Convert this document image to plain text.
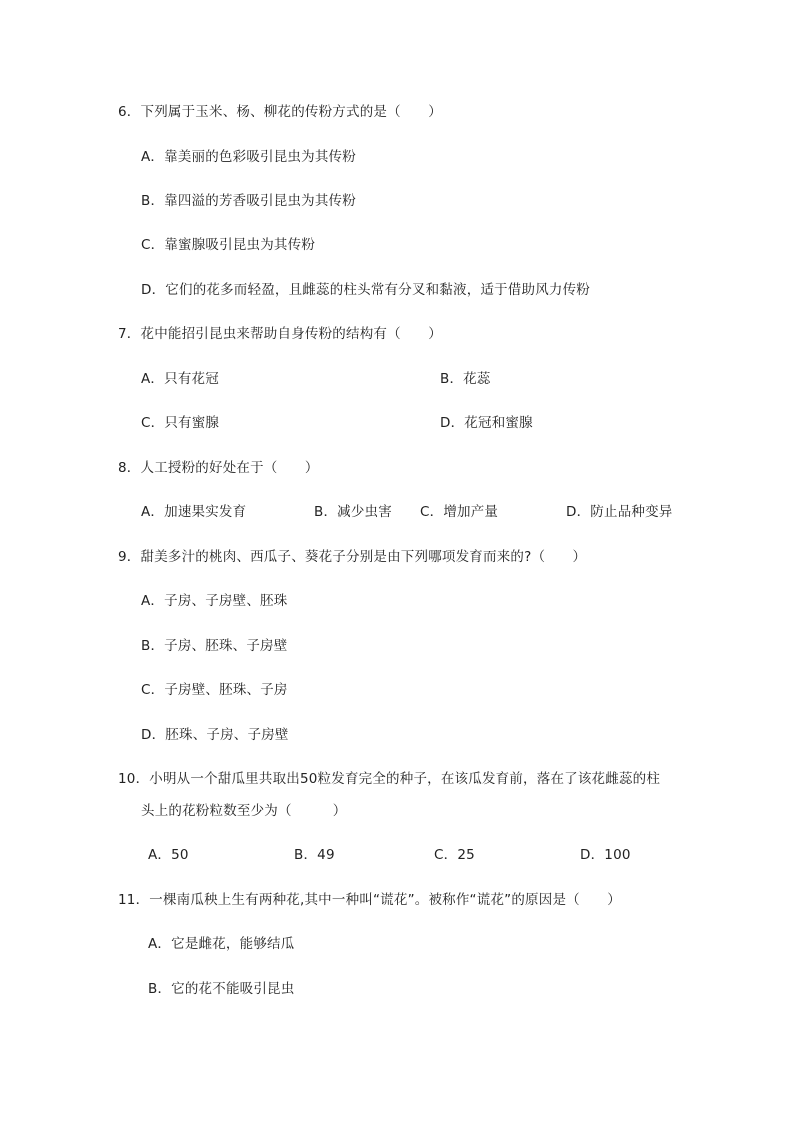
6．下列属于玉米、杨、柳花的传粉方式的是（　　）
A．靠美丽的色彩吸引昆虫为其传粉
B．靠四溢的芳香吸引昆虫为其传粉
C．靠蜜腺吸引昆虫为其传粉
D．它们的花多而轻盈，且雌蕊的柱头常有分叉和黏液，适于借助风力传粉
7．花中能招引昆虫来帮助自身传粉的结构有（　　）
A．只有花冠	B．花蕊
C．只有蜜腺	D．花冠和蜜腺
8．人工授粉的好处在于（　　）
A．加速果实发育	B．减少虫害 C．增加产量	D．防止品种变异
9．甜美多汁的桃肉、西瓜子、葵花子分别是由下列哪项发育而来的?（　　）
A．子房、子房壁、胚珠
B．子房、胚珠、子房壁
C．子房壁、胚珠、子房
D．胚珠、子房、子房壁
10．小明从一个甜瓜里共取出50粒发育完全的种子，在该瓜发育前，落在了该花雌蕊的柱
头上的花粉粒数至少为（　　　）
A．50	B．49	C．25	D．100
11．一棵南瓜秧上生有两种花,其中一种叫“谎花”。被称作“谎花”的原因是（　　）
A．它是雌花，能够结瓜
B．它的花不能吸引昆虫
